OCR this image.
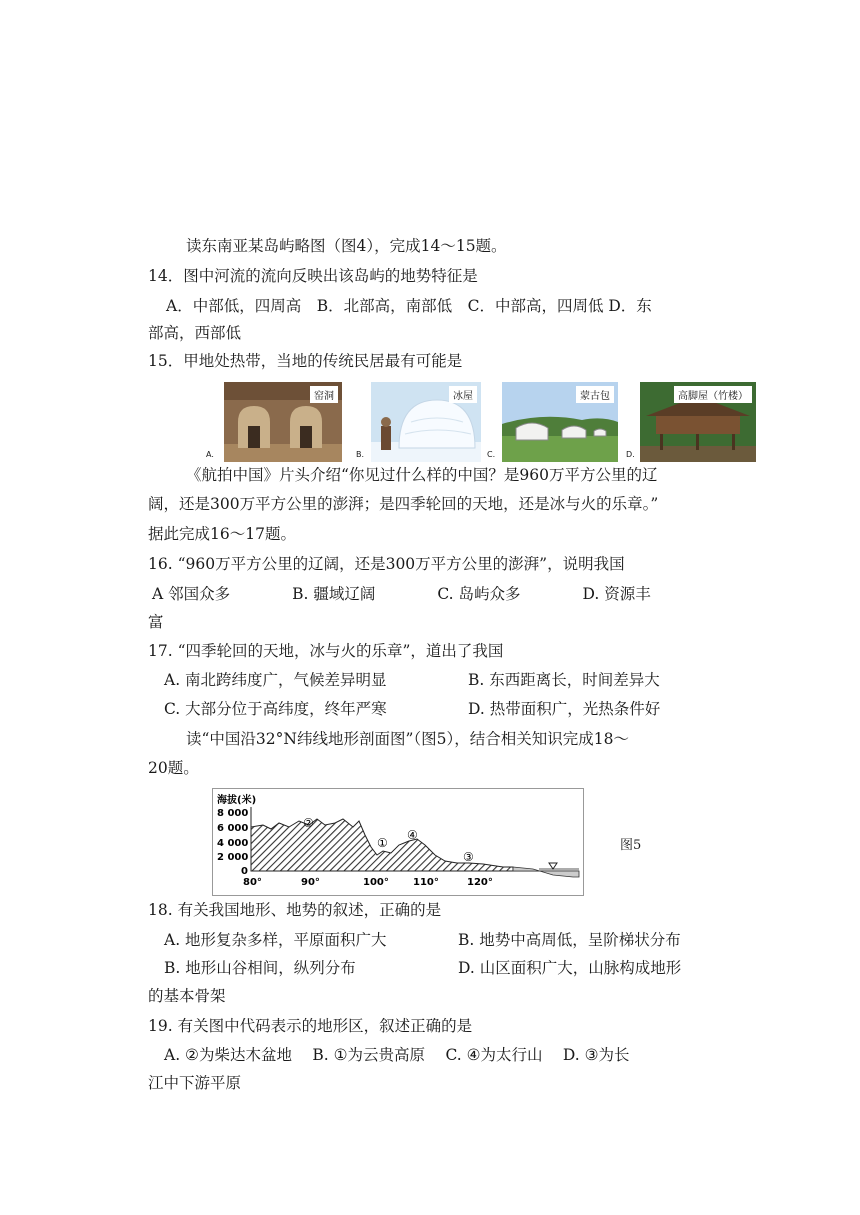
读东南亚某岛屿略图（图4），完成14～15题。
14．图中河流的流向反映出该岛屿的地势特征是
A．中部低，四周高　B．北部高，南部低　C．中部高，四周低 D．东
部高，西部低
15．甲地处热带，当地的传统民居最有可能是
A.
窑洞
B.
冰屋
C.
蒙古包
D.
高脚屋（竹楼）
《航拍中国》片头介绍“你见过什么样的中国？是960万平方公里的辽
阔，还是300万平方公里的澎湃；是四季轮回的天地，还是冰与火的乐章。”
据此完成16～17题。
16. “960万平方公里的辽阔，还是300万平方公里的澎湃”，说明我国
A 邻国众多　　　　B. 疆域辽阔　　　　C. 岛屿众多　　　　D. 资源丰
富
17. “四季轮回的天地，冰与火的乐章”，道出了我国
A. 南北跨纬度广，气候差异明显	B. 东西距离长，时间差异大
C. 大部分位于高纬度，终年严寒	D. 热带面积广，光热条件好
读“中国沿32°N纬线地形剖面图”（图5），结合相关知识完成18～
20题。
海拔(米)
8 000
6 000
4 000
2 000
0
①
②
③
④
80°	90°	100° 110°	120°
图5
18. 有关我国地形、地势的叙述，正确的是
A. 地形复杂多样，平原面积广大	B. 地势中高周低，呈阶梯状分布
B. 地形山谷相间，纵列分布	D. 山区面积广大，山脉构成地形
的基本骨架
19. 有关图中代码表示的地形区，叙述正确的是
A. ②为柴达木盆地　 B. ①为云贵高原　 C. ④为太行山　 D. ③为长
江中下游平原
